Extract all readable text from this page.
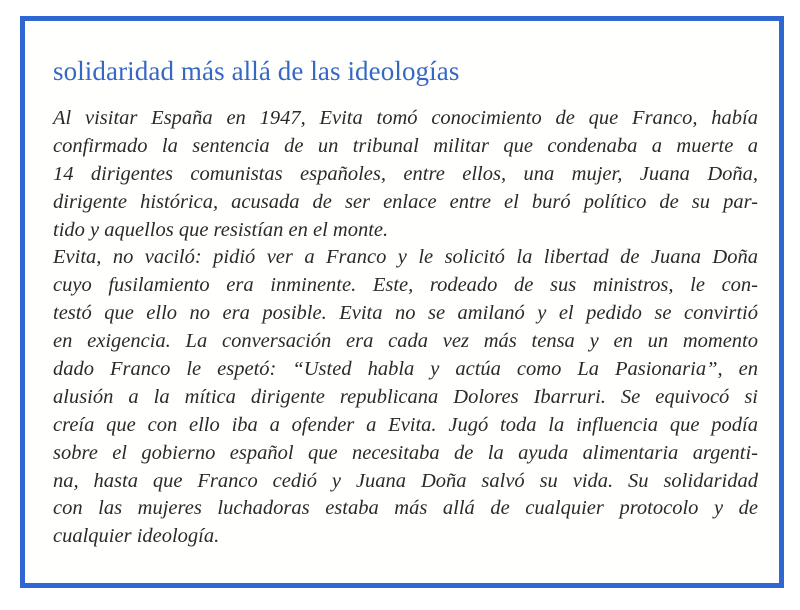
solidaridad más allá de las ideologías
Al visitar España en 1947, Evita tomó conocimiento de que Franco, había
confirmado la sentencia de un tribunal militar que condenaba a muerte a
14 dirigentes comunistas españoles, entre ellos, una mujer, Juana Doña,
dirigente histórica, acusada de ser enlace entre el buró político de su par-
tido y aquellos que resistían en el monte.
Evita, no vaciló: pidió ver a Franco y le solicitó la libertad de Juana Doña
cuyo fusilamiento era inminente. Este, rodeado de sus ministros, le con-
testó que ello no era posible. Evita no se amilanó y el pedido se convirtió
en exigencia. La conversación era cada vez más tensa y en un momento
dado Franco le espetó: “Usted habla y actúa como La Pasionaria”, en
alusión a la mítica dirigente republicana Dolores Ibarruri. Se equivocó si
creía que con ello iba a ofender a Evita. Jugó toda la influencia que podía
sobre el gobierno español que necesitaba de la ayuda alimentaria argenti-
na, hasta que Franco cedió y Juana Doña salvó su vida. Su solidaridad
con las mujeres luchadoras estaba más allá de cualquier protocolo y de
cualquier ideología.
